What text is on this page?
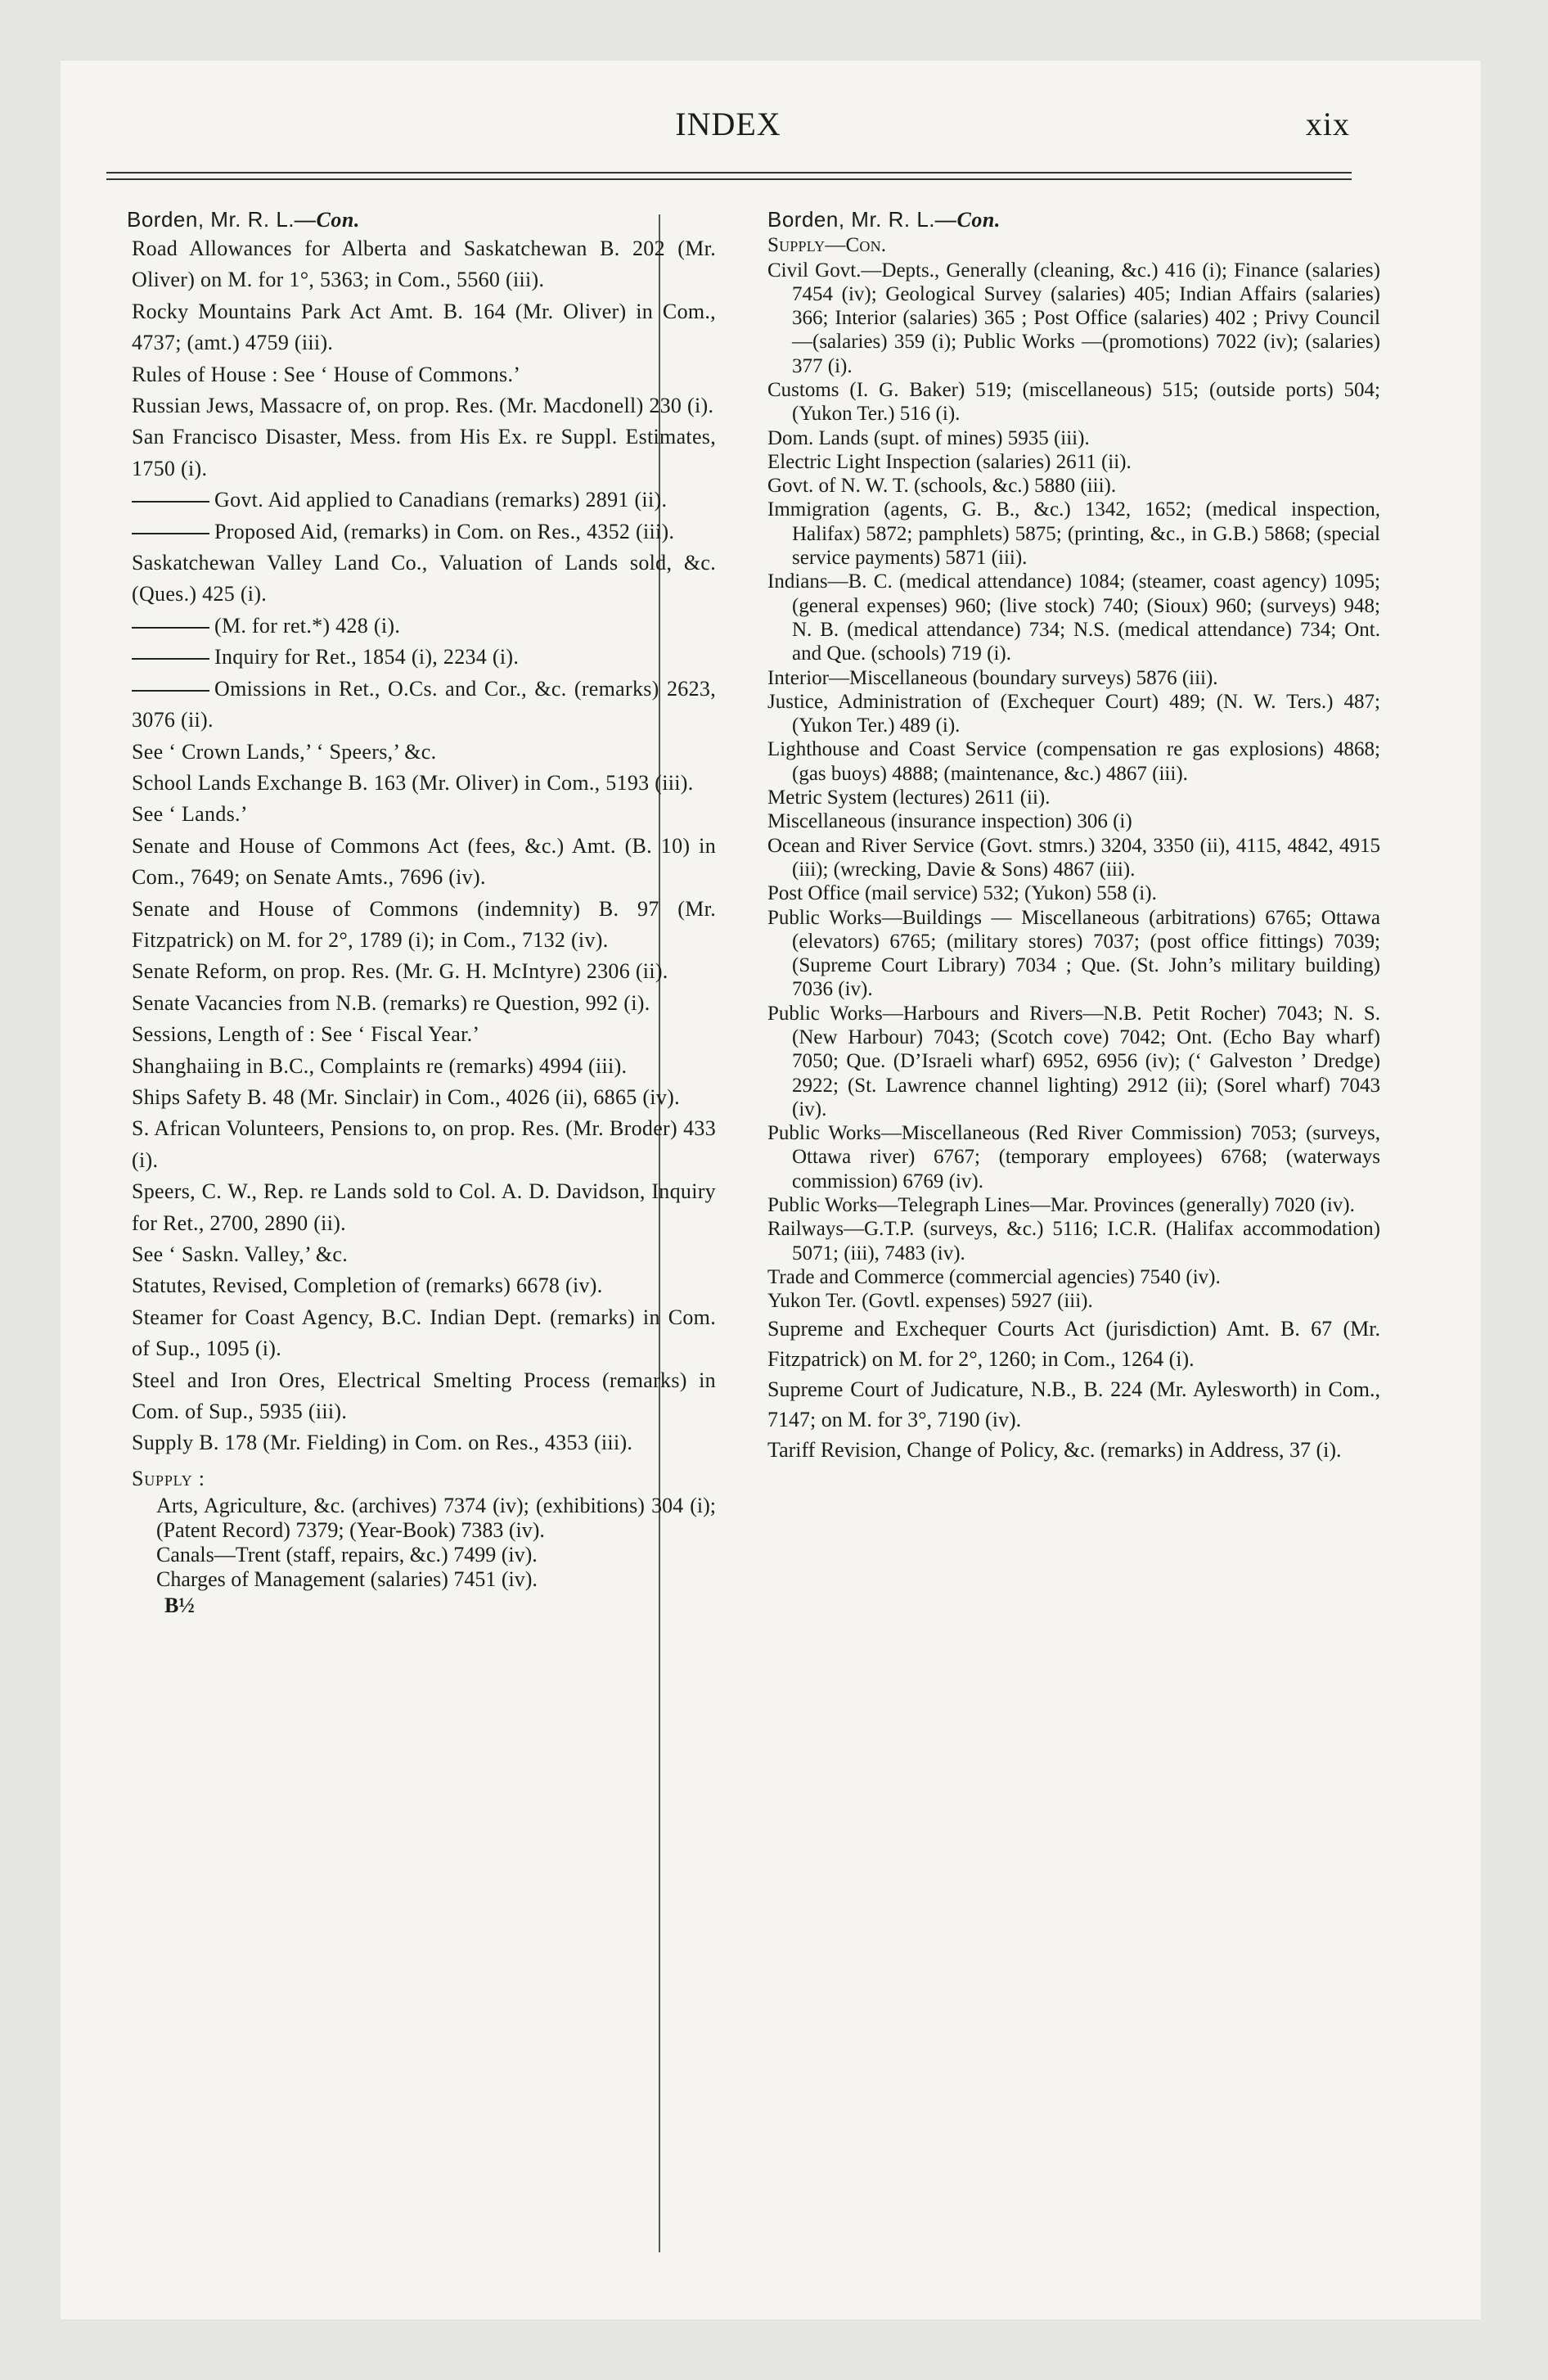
INDEX	xix
Borden, Mr. R. L.—Con.
Road Allowances for Alberta and Saskatchewan B. 202 (Mr. Oliver) on M. for 1°, 5363; in Com., 5560 (iii).
Rocky Mountains Park Act Amt. B. 164 (Mr. Oliver) in Com., 4737; (amt.) 4759 (iii).
Rules of House : See ‘ House of Commons.’
Russian Jews, Massacre of, on prop. Res. (Mr. Macdonell) 230 (i).
San Francisco Disaster, Mess. from His Ex. re Suppl. Estimates, 1750 (i).
Govt. Aid applied to Canadians (remarks) 2891 (ii).
Proposed Aid, (remarks) in Com. on Res., 4352 (iii).
Saskatchewan Valley Land Co., Valuation of Lands sold, &c. (Ques.) 425 (i).
(M. for ret.*) 428 (i).
Inquiry for Ret., 1854 (i), 2234 (i).
Omissions in Ret., O.Cs. and Cor., &c. (remarks) 2623, 3076 (ii).
See ‘ Crown Lands,’ ‘ Speers,’ &c.
School Lands Exchange B. 163 (Mr. Oliver) in Com., 5193 (iii).
See ‘ Lands.’
Senate and House of Commons Act (fees, &c.) Amt. (B. 10) in Com., 7649; on Senate Amts., 7696 (iv).
Senate and House of Commons (indemnity) B. 97 (Mr. Fitzpatrick) on M. for 2°, 1789 (i); in Com., 7132 (iv).
Senate Reform, on prop. Res. (Mr. G. H. McIntyre) 2306 (ii).
Senate Vacancies from N.B. (remarks) re Question, 992 (i).
Sessions, Length of : See ‘ Fiscal Year.’
Shanghaiing in B.C., Complaints re (remarks) 4994 (iii).
Ships Safety B. 48 (Mr. Sinclair) in Com., 4026 (ii), 6865 (iv).
S. African Volunteers, Pensions to, on prop. Res. (Mr. Broder) 433 (i).
Speers, C. W., Rep. re Lands sold to Col. A. D. Davidson, Inquiry for Ret., 2700, 2890 (ii).
See ‘ Saskn. Valley,’ &c.
Statutes, Revised, Completion of (remarks) 6678 (iv).
Steamer for Coast Agency, B.C. Indian Dept. (remarks) in Com. of Sup., 1095 (i).
Steel and Iron Ores, Electrical Smelting Process (remarks) in Com. of Sup., 5935 (iii).
Supply B. 178 (Mr. Fielding) in Com. on Res., 4353 (iii).
Supply :
Arts, Agriculture, &c. (archives) 7374 (iv); (exhibitions) 304 (i); (Patent Record) 7379; (Year-Book) 7383 (iv).
Canals—Trent (staff, repairs, &c.) 7499 (iv).
Charges of Management (salaries) 7451 (iv).
B½
Borden, Mr. R. L.—Con.
Supply—Con.
Civil Govt.—Depts., Generally (cleaning, &c.) 416 (i); Finance (salaries) 7454 (iv); Geological Survey (salaries) 405; Indian Affairs (salaries) 366; Interior (salaries) 365 ; Post Office (salaries) 402 ; Privy Council—(salaries) 359 (i); Public Works —(promotions) 7022 (iv); (salaries) 377 (i).
Customs (I. G. Baker) 519; (miscellaneous) 515; (outside ports) 504; (Yukon Ter.) 516 (i).
Dom. Lands (supt. of mines) 5935 (iii).
Electric Light Inspection (salaries) 2611 (ii).
Govt. of N. W. T. (schools, &c.) 5880 (iii).
Immigration (agents, G. B., &c.) 1342, 1652; (medical inspection, Halifax) 5872; pamphlets) 5875; (printing, &c., in G.B.) 5868; (special service payments) 5871 (iii).
Indians—B. C. (medical attendance) 1084; (steamer, coast agency) 1095; (general expenses) 960; (live stock) 740; (Sioux) 960; (surveys) 948; N. B. (medical attendance) 734; N.S. (medical attendance) 734; Ont. and Que. (schools) 719 (i).
Interior—Miscellaneous (boundary surveys) 5876 (iii).
Justice, Administration of (Exchequer Court) 489; (N. W. Ters.) 487; (Yukon Ter.) 489 (i).
Lighthouse and Coast Service (compensation re gas explosions) 4868; (gas buoys) 4888; (maintenance, &c.) 4867 (iii).
Metric System (lectures) 2611 (ii).
Miscellaneous (insurance inspection) 306 (i)
Ocean and River Service (Govt. stmrs.) 3204, 3350 (ii), 4115, 4842, 4915 (iii); (wrecking, Davie & Sons) 4867 (iii).
Post Office (mail service) 532; (Yukon) 558 (i).
Public Works—Buildings — Miscellaneous (arbitrations) 6765; Ottawa (elevators) 6765; (military stores) 7037; (post office fittings) 7039; (Supreme Court Library) 7034 ; Que. (St. John’s military building) 7036 (iv).
Public Works—Harbours and Rivers—N.B. Petit Rocher) 7043; N. S. (New Harbour) 7043; (Scotch cove) 7042; Ont. (Echo Bay wharf) 7050; Que. (D’Israeli wharf) 6952, 6956 (iv); (‘ Galveston ’ Dredge) 2922; (St. Lawrence channel lighting) 2912 (ii); (Sorel wharf) 7043 (iv).
Public Works—Miscellaneous (Red River Commission) 7053; (surveys, Ottawa river) 6767; (temporary employees) 6768; (waterways commission) 6769 (iv).
Public Works—Telegraph Lines—Mar. Provinces (generally) 7020 (iv).
Railways—G.T.P. (surveys, &c.) 5116; I.C.R. (Halifax accommodation) 5071; (iii), 7483 (iv).
Trade and Commerce (commercial agencies) 7540 (iv).
Yukon Ter. (Govtl. expenses) 5927 (iii).
Supreme and Exchequer Courts Act (jurisdiction) Amt. B. 67 (Mr. Fitzpatrick) on M. for 2°, 1260; in Com., 1264 (i).
Supreme Court of Judicature, N.B., B. 224 (Mr. Aylesworth) in Com., 7147; on M. for 3°, 7190 (iv).
Tariff Revision, Change of Policy, &c. (remarks) in Address, 37 (i).
